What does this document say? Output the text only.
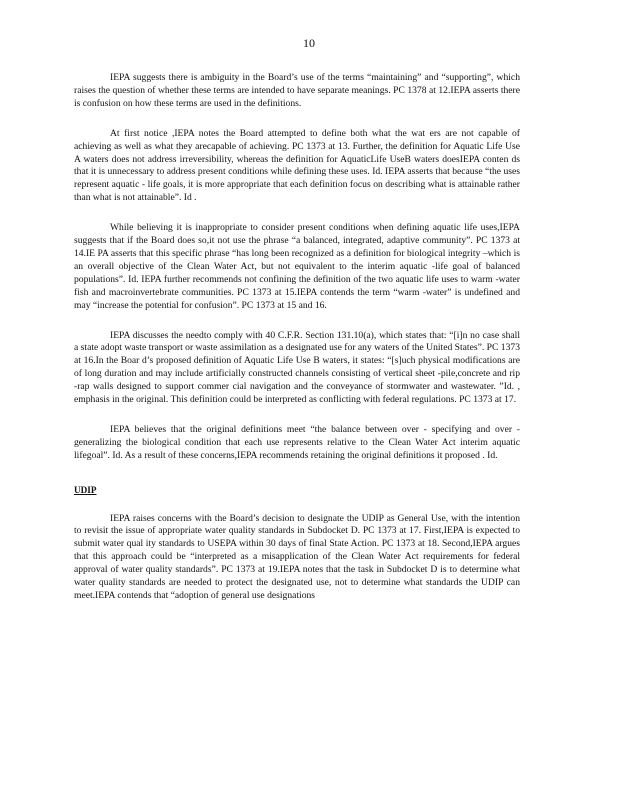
10

IEPA suggests there is ambiguity in the Board’s use of the terms “maintaining” and “supporting”, which raises the question of whether these terms are intended to have separate meanings. PC 1378 at 12.IEPA asserts there is confusion on how these terms are used in the definitions.

At first notice ,IEPA notes the Board attempted to define both what the wat ers are not capable of achieving as well as what they arecapable of achieving. PC 1373 at 13. Further, the definition for Aquatic Life Use A waters does not address irreversibility, whereas the definition for AquaticLife UseB waters doesIEPA conten ds that it is unnecessary to address present conditions while defining these uses. Id. IEPA asserts that because “the uses represent aquatic - life goals, it is more appropriate that each definition focus on describing what is attainable rather than what is not attainable”. Id .

While believing it is inappropriate to consider present conditions when defining aquatic life uses,IEPA suggests that if the Board does so,it not use the phrase “a balanced, integrated, adaptive community”. PC 1373 at 14.IE PA asserts that this specific phrase “has long been recognized as a definition for biological integrity –which is an overall objective of the Clean Water Act, but not equivalent to the interim aquatic -life goal of balanced populations”. Id. IEPA further recommends not confining the definition of the two aquatic life uses to warm -water fish and macroinvertebrate communities. PC 1373 at 15.IEPA contends the term “warm -water” is undefined and may “increase the potential for confusion”. PC 1373 at 15 and 16.

IEPA discusses the needto comply with 40 C.F.R. Section 131.10(a), which states that: “[i]n no case shall a state adopt waste transport or waste assimilation as a designated use for any waters of the United States”. PC 1373 at 16.In the Boar d’s proposed definition of Aquatic Life Use B waters, it states: “[s]uch physical modifications are of long duration and may include artificially constructed channels consisting of vertical sheet -pile,concrete and rip -rap walls designed to support commer cial navigation and the conveyance of stormwater and wastewater. ”Id. , emphasis in the original. This definition could be interpreted as conflicting with federal regulations. PC 1373 at 17.

IEPA believes that the original definitions meet “the balance between over - specifying and over -generalizing the biological condition that each use represents relative to the Clean Water Act interim aquatic lifegoal”. Id. As a result of these concerns,IEPA recommends retaining the original definitions it proposed . Id.

UDIP

IEPA raises concerns with the Board’s decision to designate the UDIP as General Use, with the intention to revisit the issue of appropriate water quality standards in Subdocket D. PC 1373 at 17. First,IEPA is expected to submit water qual ity standards to USEPA within 30 days of final State Action. PC 1373 at 18. Second,IEPA argues that this approach could be “interpreted as a misapplication of the Clean Water Act requirements for federal approval of water quality standards”. PC 1373 at 19.IEPA notes that the task in Subdocket D is to determine what water quality standards are needed to protect the designated use, not to determine what standards the UDIP can meet.IEPA contends that “adoption of general use designations
